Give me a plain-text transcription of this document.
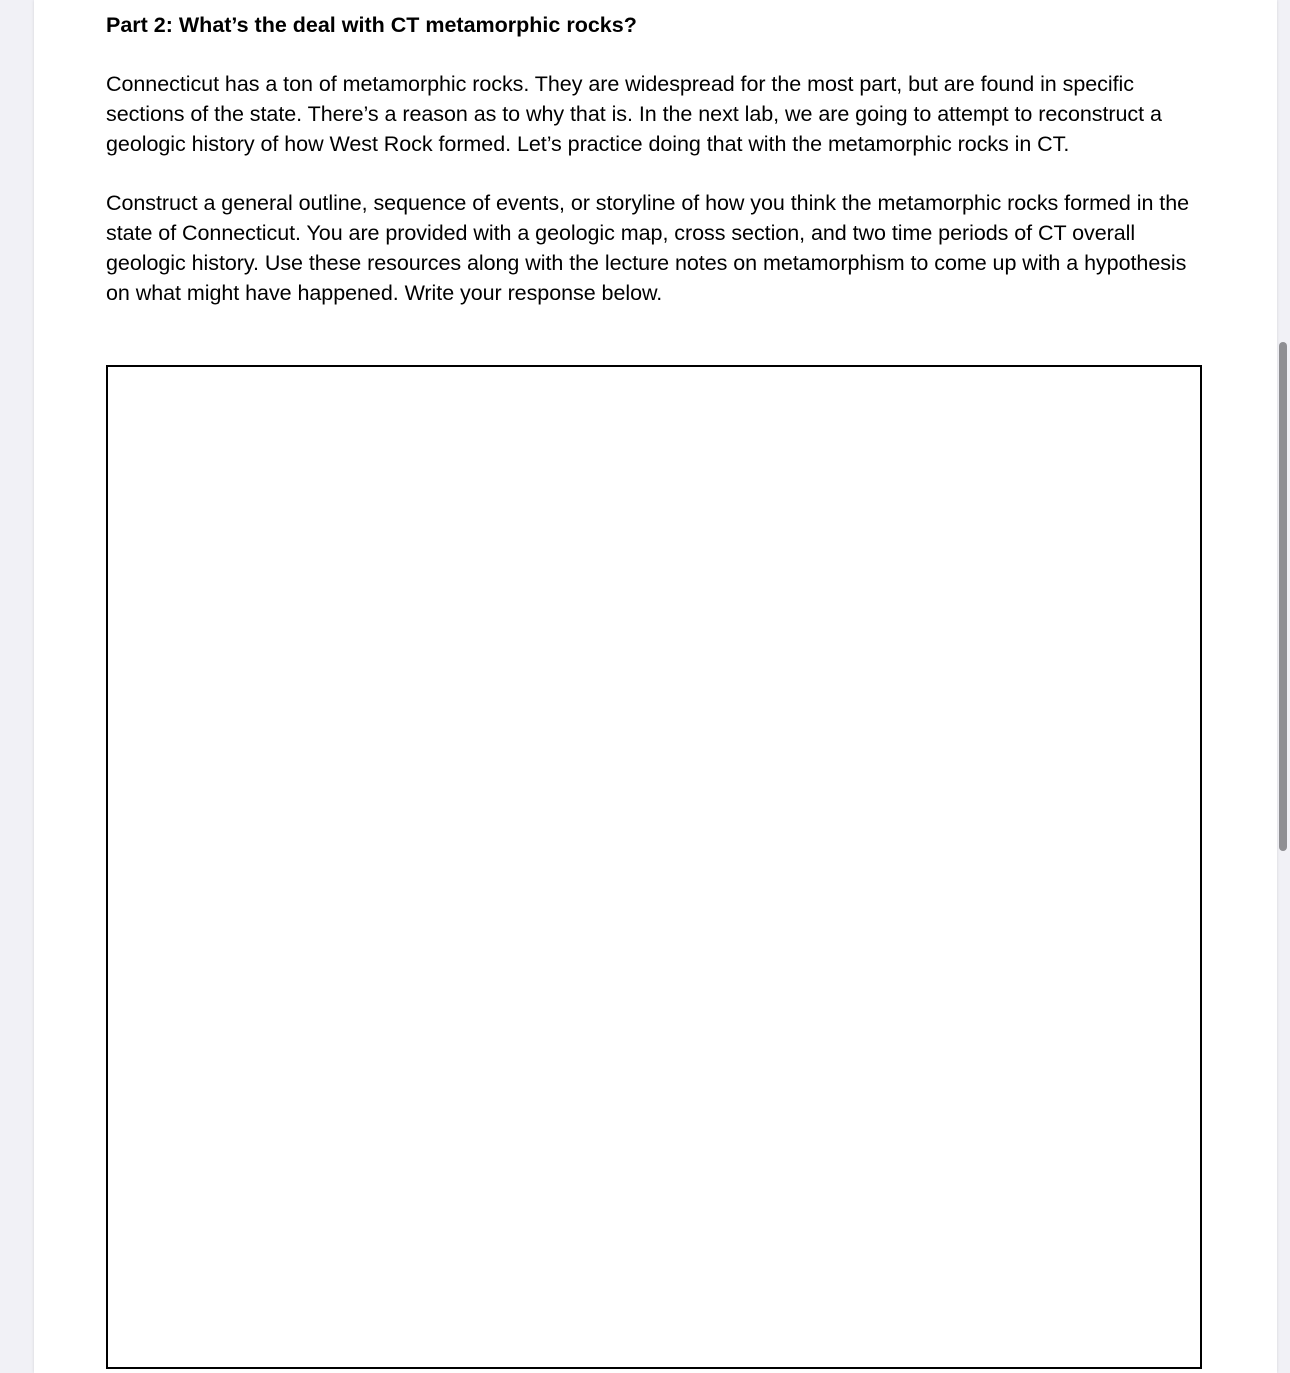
Part 2: What’s the deal with CT metamorphic rocks?

Connecticut has a ton of metamorphic rocks. They are widespread for the most part, but are found in specific sections of the state. There’s a reason as to why that is. In the next lab, we are going to attempt to reconstruct a geologic history of how West Rock formed. Let’s practice doing that with the metamorphic rocks in CT.

Construct a general outline, sequence of events, or storyline of how you think the metamorphic rocks formed in the state of Connecticut. You are provided with a geologic map, cross section, and two time periods of CT overall geologic history. Use these resources along with the lecture notes on metamorphism to come up with a hypothesis on what might have happened. Write your response below.
